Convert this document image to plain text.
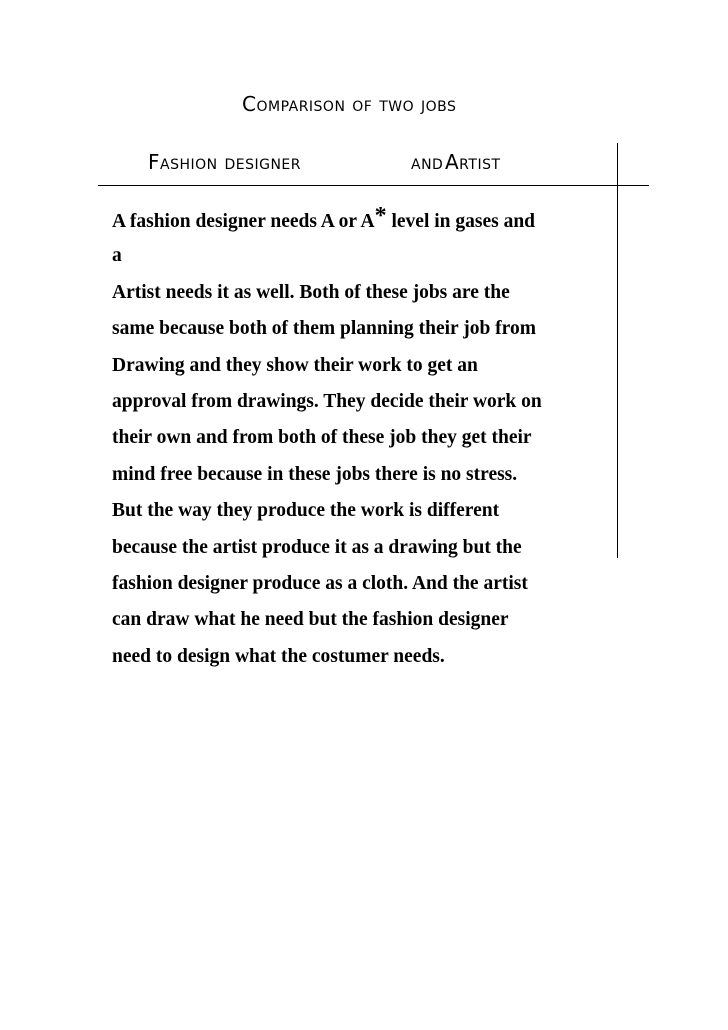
Comparison of two jobs
Fashion designer	and Artist
A fashion designer needs A or A* level in gases and
a
Artist needs it as well. Both of these jobs are the
same because both of them planning their job from
Drawing and they show their work to get an
approval from drawings. They decide their work on
their own and from both of these job they get their
mind free because in these jobs there is no stress.
But the way they produce the work is different
because the artist produce it as a drawing but the
fashion designer produce as a cloth. And the artist
can draw what he need but the fashion designer
need to design what the costumer needs.
